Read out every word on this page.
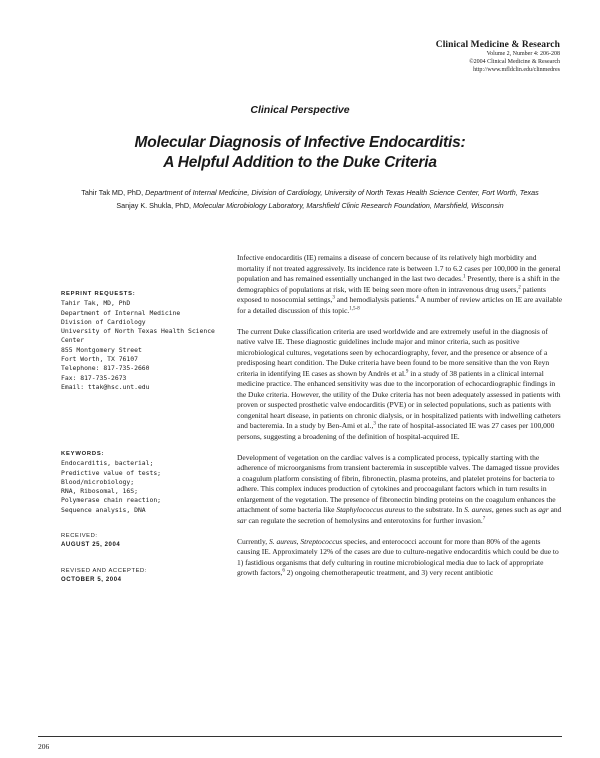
Clinical Medicine & Research
Volume 2, Number 4: 206-208
©2004 Clinical Medicine & Research
http://www.mfldclin.edu/clinmedres
Clinical Perspective
Molecular Diagnosis of Infective Endocarditis:
A Helpful Addition to the Duke Criteria
Tahir Tak MD, PhD, Department of Internal Medicine, Division of Cardiology, University of North Texas Health Science Center, Fort Worth, Texas
Sanjay K. Shukla, PhD, Molecular Microbiology Laboratory, Marshfield Clinic Research Foundation, Marshfield, Wisconsin
REPRINT REQUESTS:
Tahir Tak, MD, PhD
Department of Internal Medicine
Division of Cardiology
University of North Texas Health Science Center
855 Montgomery Street
Fort Worth, TX 76107
Telephone: 817-735-2660
Fax: 817-735-2673
Email: ttak@hsc.unt.edu
KEYWORDS:
Endocarditis, bacterial;
Predictive value of tests;
Blood/microbiology;
RNA, Ribosomal, 16S;
Polymerase chain reaction;
Sequence analysis, DNA
RECEIVED:
AUGUST 25, 2004
REVISED AND ACCEPTED:
OCTOBER 5, 2004

Infective endocarditis (IE) remains a disease of concern because of its relatively high morbidity and mortality if not treated aggressively. Its incidence rate is between 1.7 to 6.2 cases per 100,000 in the general population and has remained essentially unchanged in the last two decades.$^1$ Presently, there is a shift in the demographics of populations at risk, with IE being seen more often in intravenous drug users,$^2$ patients exposed to nosocomial settings,$^3$ and hemodialysis patients.$^4$ A number of review articles on IE are available for a detailed discussion of this topic.$^{1,5-8}$

The current Duke classification criteria are used worldwide and are extremely useful in the diagnosis of native valve IE. These diagnostic guidelines include major and minor criteria, such as positive microbiological cultures, vegetations seen by echocardiography, fever, and the presence or absence of a predisposing heart condition. The Duke criteria have been found to be more sensitive than the von Reyn criteria in identifying IE cases as shown by Andrès et al.$^9$ in a study of 38 patients in a clinical internal medicine practice. The enhanced sensitivity was due to the incorporation of echocardiographic findings in the Duke criteria. However, the utility of the Duke criteria has not been adequately assessed in patients with proven or suspected prosthetic valve endocarditis (PVE) or in selected populations, such as patients with congenital heart disease, in patients on chronic dialysis, or in hospitalized patients with indwelling catheters and bacteremia. In a study by Ben-Ami et al.,$^3$ the rate of hospital-associated IE was 27 cases per 100,000 persons, suggesting a broadening of the definition of hospital-acquired IE.

Development of vegetation on the cardiac valves is a complicated process, typically starting with the adherence of microorganisms from transient bacteremia in susceptible valves. The damaged tissue provides a coagulum platform consisting of fibrin, fibronectin, plasma proteins, and platelet proteins for bacteria to adhere. This complex induces production of cytokines and procoagulant factors which in turn results in enlargement of the vegetation. The presence of fibronectin binding proteins on the coagulum enhances the attachment of some bacteria like Staphylococcus aureus to the substrate. In S. aureus, genes such as agr and sar can regulate the secretion of hemolysins and enterotoxins for further invasion.$^7$

Currently, S. aureus, Streptococcus species, and enterococci account for more than 80% of the agents causing IE. Approximately 12% of the cases are due to culture-negative endocarditis which could be due to 1) fastidious organisms that defy culturing in routine microbiological media due to lack of appropriate growth factors,$^6$ 2) ongoing chemotherapeutic treatment, and 3) very recent antibiotic

206
